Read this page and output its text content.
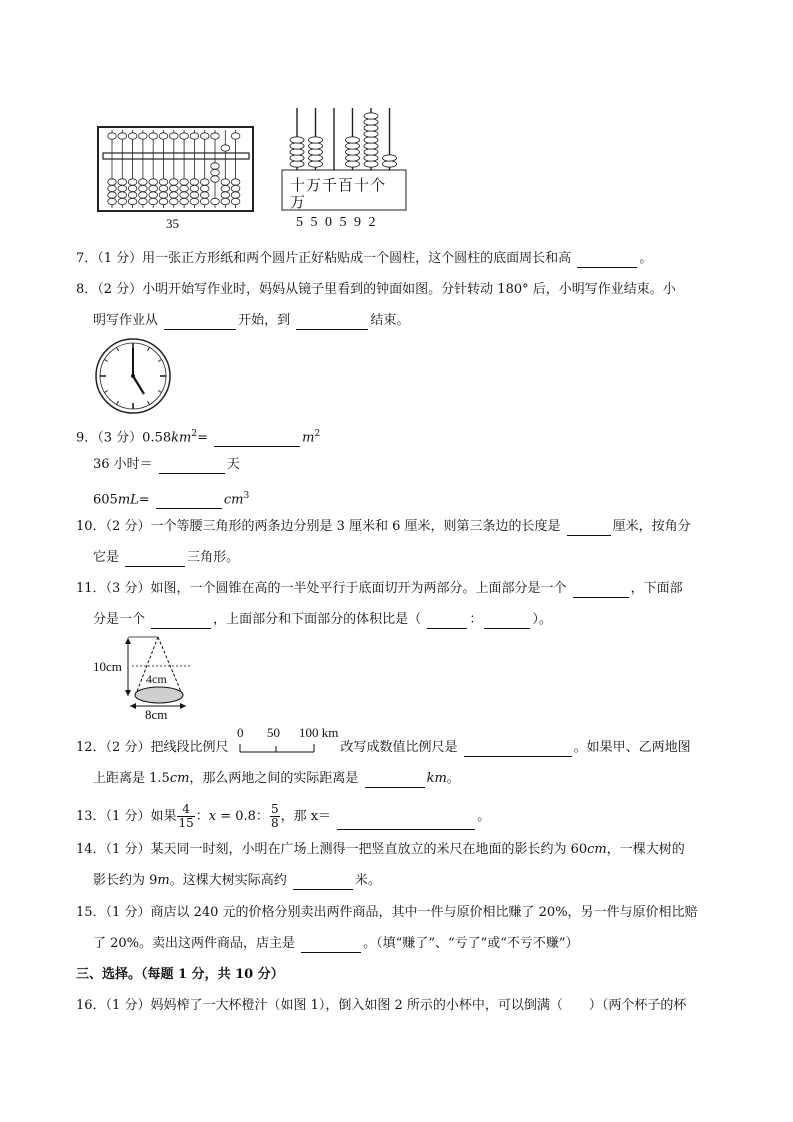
35
十万千百十个
万
5 5 0 5 9 2
7．（1 分）用一张正方形纸和两个圆片正好粘贴成一个圆柱，这个圆柱的底面周长和高	。
8．（2 分）小明开始写作业时，妈妈从镜子里看到的钟面如图。分针转动 180° 后，小明写作业结束。小
明写作业从	开始，到	结束。
9．（3 分）$0.58km^2=$	$m^2$
36 小时＝	天
605mL=	$cm^3$
10．（2 分）一个等腰三角形的两条边分别是 3 厘米和 6 厘米，则第三条边的长度是	厘米，按角分
它是	三角形。
11．（3 分）如图，一个圆锥在高的一半处平行于底面切开为两部分。上面部分是一个	，下面部
分是一个	，上面部分和下面部分的体积比是（	：	）。
10cm
4cm
8cm
12．（2 分）把线段比例尺	改写成数值比例尺是	。如果甲、乙两地图
0 50 100 km
上距离是 1.5cm，那么两地之间的实际距离是	km。
13．（1 分）如果 $\frac{4}{15}$ ：x = 0.8： $\frac{5}{8}$ ，那 x＝	。
14．（1 分）某天同一时刻，小明在广场上测得一把竖直放立的米尺在地面的影长约为 60cm，一棵大树的
影长约为 9m。这棵大树实际高约	米。
15．（1 分）商店以 240 元的价格分别卖出两件商品，其中一件与原价相比赚了 20%，另一件与原价相比赔
了 20%。卖出这两件商品，店主是	。（填“赚了”、“亏了”或“不亏不赚”）
三、选择。（每题 1 分，共 10 分）
16．（1 分）妈妈榨了一大杯橙汁（如图 1），倒入如图 2 所示的小杯中，可以倒满（　　）（两个杯子的杯
